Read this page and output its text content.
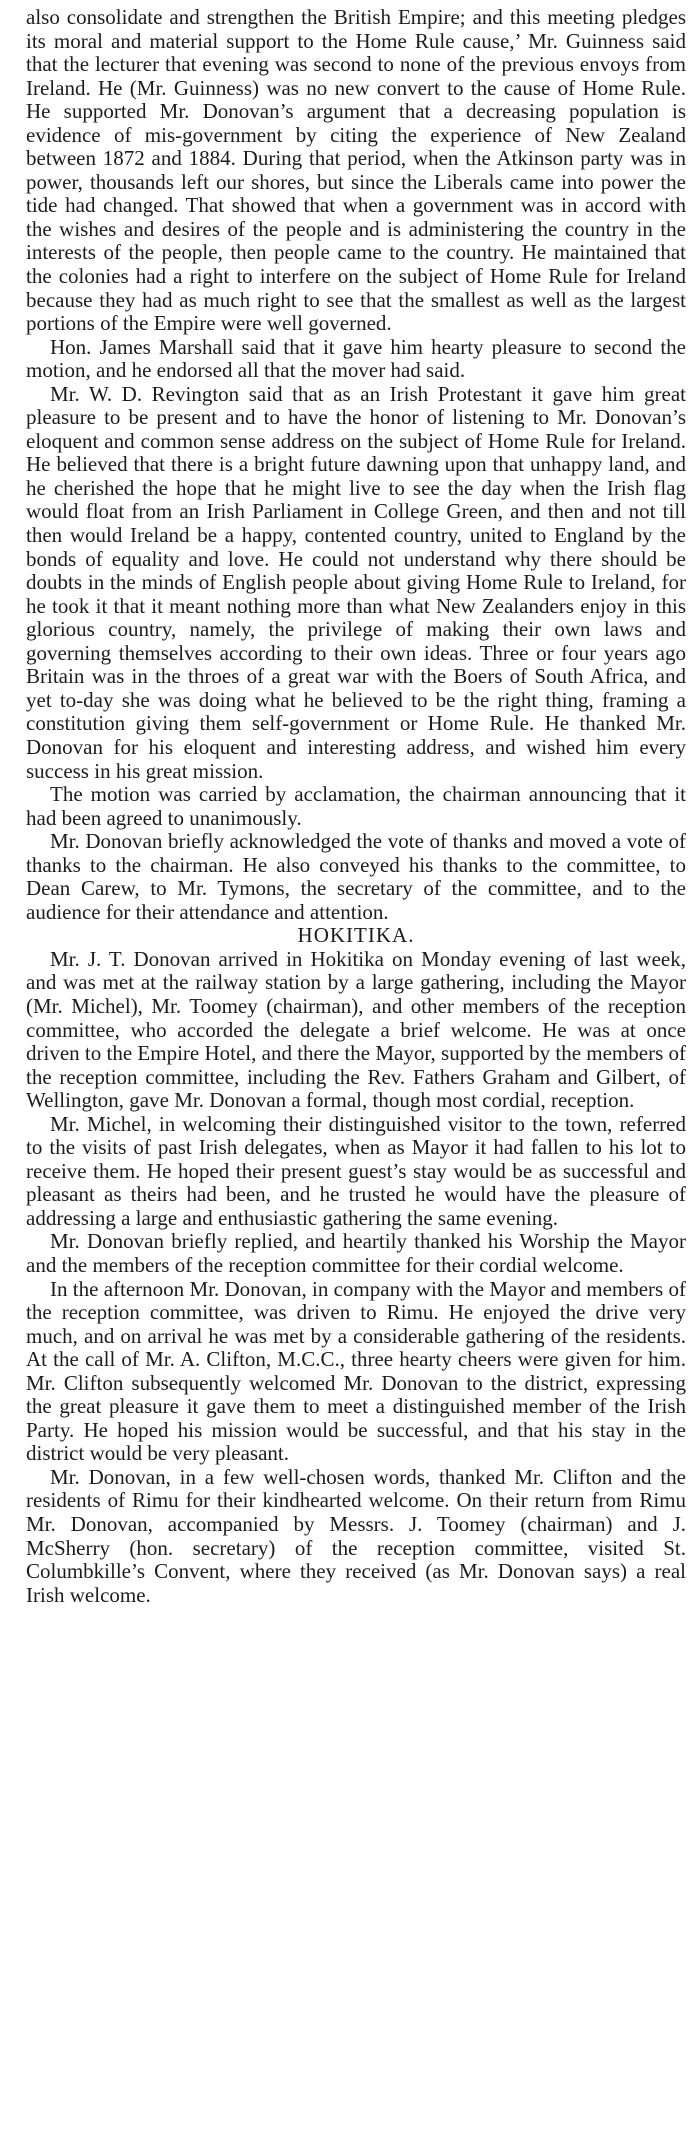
also consolidate and strengthen the British Empire; and this meeting pledges its moral and material support to the Home Rule cause,’ Mr. Guinness said that the lecturer that evening was second to none of the previous envoys from Ireland. He (Mr. Guinness) was no new convert to the cause of Home Rule. He supported Mr. Donovan’s argument that a decreasing population is evidence of mis-government by citing the experience of New Zealand between 1872 and 1884. During that period, when the Atkinson party was in power, thousands left our shores, but since the Liberals came into power the tide had changed. That showed that when a government was in accord with the wishes and desires of the people and is administering the country in the interests of the people, then people came to the country. He maintained that the colonies had a right to interfere on the subject of Home Rule for Ireland because they had as much right to see that the smallest as well as the largest portions of the Empire were well governed.

Hon. James Marshall said that it gave him hearty pleasure to second the motion, and he endorsed all that the mover had said.

Mr. W. D. Revington said that as an Irish Protestant it gave him great pleasure to be present and to have the honor of listening to Mr. Donovan’s eloquent and common sense address on the subject of Home Rule for Ireland. He believed that there is a bright future dawning upon that unhappy land, and he cherished the hope that he might live to see the day when the Irish flag would float from an Irish Parliament in College Green, and then and not till then would Ireland be a happy, contented country, united to England by the bonds of equality and love. He could not understand why there should be doubts in the minds of English people about giving Home Rule to Ireland, for he took it that it meant nothing more than what New Zealanders enjoy in this glorious country, namely, the privilege of making their own laws and governing themselves according to their own ideas. Three or four years ago Britain was in the throes of a great war with the Boers of South Africa, and yet to-day she was doing what he believed to be the right thing, framing a constitution giving them self-government or Home Rule. He thanked Mr. Donovan for his eloquent and interesting address, and wished him every success in his great mission.

The motion was carried by acclamation, the chairman announcing that it had been agreed to unanimously.

Mr. Donovan briefly acknowledged the vote of thanks and moved a vote of thanks to the chairman. He also conveyed his thanks to the committee, to Dean Carew, to Mr. Tymons, the secretary of the committee, and to the audience for their attendance and attention.

HOKITIKA.

Mr. J. T. Donovan arrived in Hokitika on Monday evening of last week, and was met at the railway station by a large gathering, including the Mayor (Mr. Michel), Mr. Toomey (chairman), and other members of the reception committee, who accorded the delegate a brief welcome. He was at once driven to the Empire Hotel, and there the Mayor, supported by the members of the reception committee, including the Rev. Fathers Graham and Gilbert, of Wellington, gave Mr. Donovan a formal, though most cordial, reception.

Mr. Michel, in welcoming their distinguished visitor to the town, referred to the visits of past Irish delegates, when as Mayor it had fallen to his lot to receive them. He hoped their present guest’s stay would be as successful and pleasant as theirs had been, and he trusted he would have the pleasure of addressing a large and enthusiastic gathering the same evening.

Mr. Donovan briefly replied, and heartily thanked his Worship the Mayor and the members of the reception committee for their cordial welcome.

In the afternoon Mr. Donovan, in company with the Mayor and members of the reception committee, was driven to Rimu. He enjoyed the drive very much, and on arrival he was met by a considerable gathering of the residents. At the call of Mr. A. Clifton, M.C.C., three hearty cheers were given for him. Mr. Clifton subsequently welcomed Mr. Donovan to the district, expressing the great pleasure it gave them to meet a distinguished member of the Irish Party. He hoped his mission would be successful, and that his stay in the district would be very pleasant.

Mr. Donovan, in a few well-chosen words, thanked Mr. Clifton and the residents of Rimu for their kindhearted welcome. On their return from Rimu Mr. Donovan, accompanied by Messrs. J. Toomey (chairman) and J. McSherry (hon. secretary) of the reception committee, visited St. Columbkille’s Convent, where they received (as Mr. Donovan says) a real Irish welcome.
